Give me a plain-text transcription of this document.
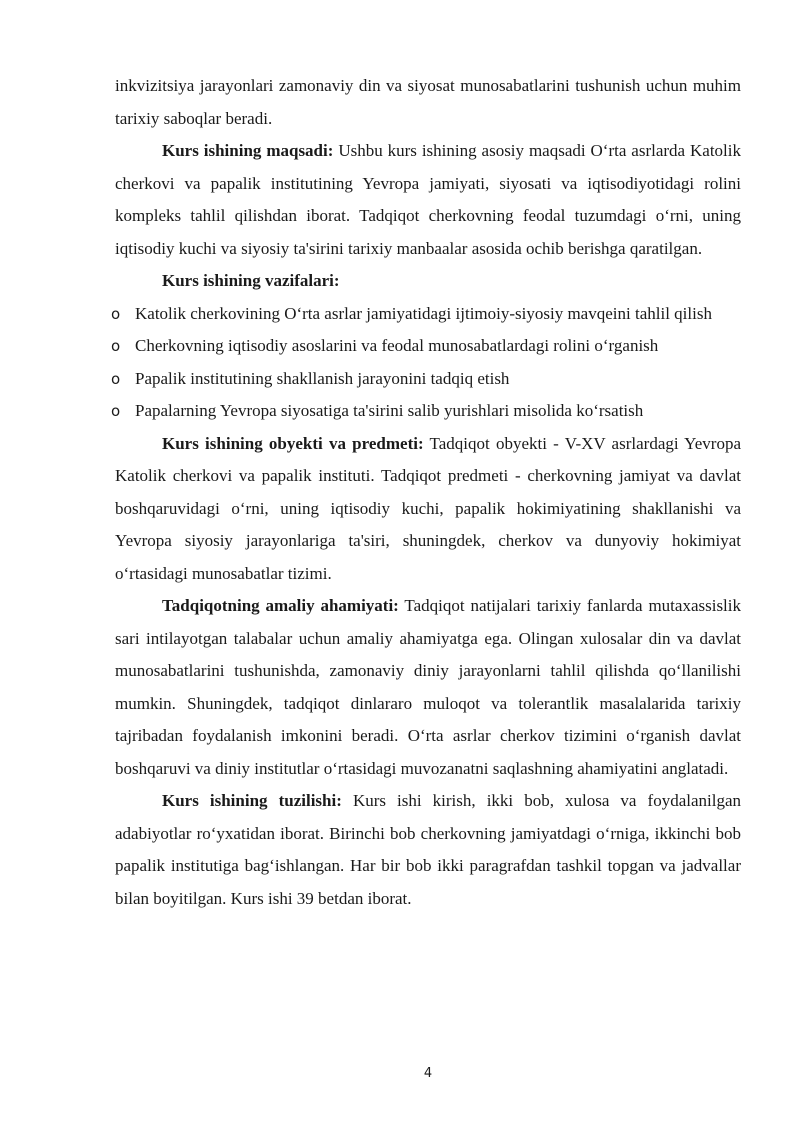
inkvizitsiya jarayonlari zamonaviy din va siyosat munosabatlarini tushunish uchun muhim tarixiy saboqlar beradi.

Kurs ishining maqsadi: Ushbu kurs ishining asosiy maqsadi O‘rta asrlarda Katolik cherkovi va papalik institutining Yevropa jamiyati, siyosati va iqtisodiyotidagi rolini kompleks tahlil qilishdan iborat. Tadqiqot cherkovning feodal tuzumdagi o‘rni, uning iqtisodiy kuchi va siyosiy ta'sirini tarixiy manbaalar asosida ochib berishga qaratilgan.

Kurs ishining vazifalari:

o Katolik cherkovining O‘rta asrlar jamiyatidagi ijtimoiy-siyosiy mavqeini tahlil qilish
o Cherkovning iqtisodiy asoslarini va feodal munosabatlardagi rolini o‘rganish
o Papalik institutining shakllanish jarayonini tadqiq etish
o Papalarning Yevropa siyosatiga ta'sirini salib yurishlari misolida ko‘rsatish

Kurs ishining obyekti va predmeti: Tadqiqot obyekti - V-XV asrlardagi Yevropa Katolik cherkovi va papalik instituti. Tadqiqot predmeti - cherkovning jamiyat va davlat boshqaruvidagi o‘rni, uning iqtisodiy kuchi, papalik hokimiyatining shakllanishi va Yevropa siyosiy jarayonlariga ta'siri, shuningdek, cherkov va dunyoviy hokimiyat o‘rtasidagi munosabatlar tizimi.

Tadqiqotning amaliy ahamiyati: Tadqiqot natijalari tarixiy fanlarda mutaxassislik sari intilayotgan talabalar uchun amaliy ahamiyatga ega. Olingan xulosalar din va davlat munosabatlarini tushunishda, zamonaviy diniy jarayonlarni tahlil qilishda qo‘llanilishi mumkin. Shuningdek, tadqiqot dinlararo muloqot va tolerantlik masalalarida tarixiy tajribadan foydalanish imkonini beradi. O‘rta asrlar cherkov tizimini o‘rganish davlat boshqaruvi va diniy institutlar o‘rtasidagi muvozanatni saqlashning ahamiyatini anglatadi.

Kurs ishining tuzilishi: Kurs ishi kirish, ikki bob, xulosa va foydalanilgan adabiyotlar ro‘yxatidan iborat. Birinchi bob cherkovning jamiyatdagi o‘rniga, ikkinchi bob papalik institutiga bag‘ishlangan. Har bir bob ikki paragrafdan tashkil topgan va jadvallar bilan boyitilgan. Kurs ishi 39 betdan iborat.

4
